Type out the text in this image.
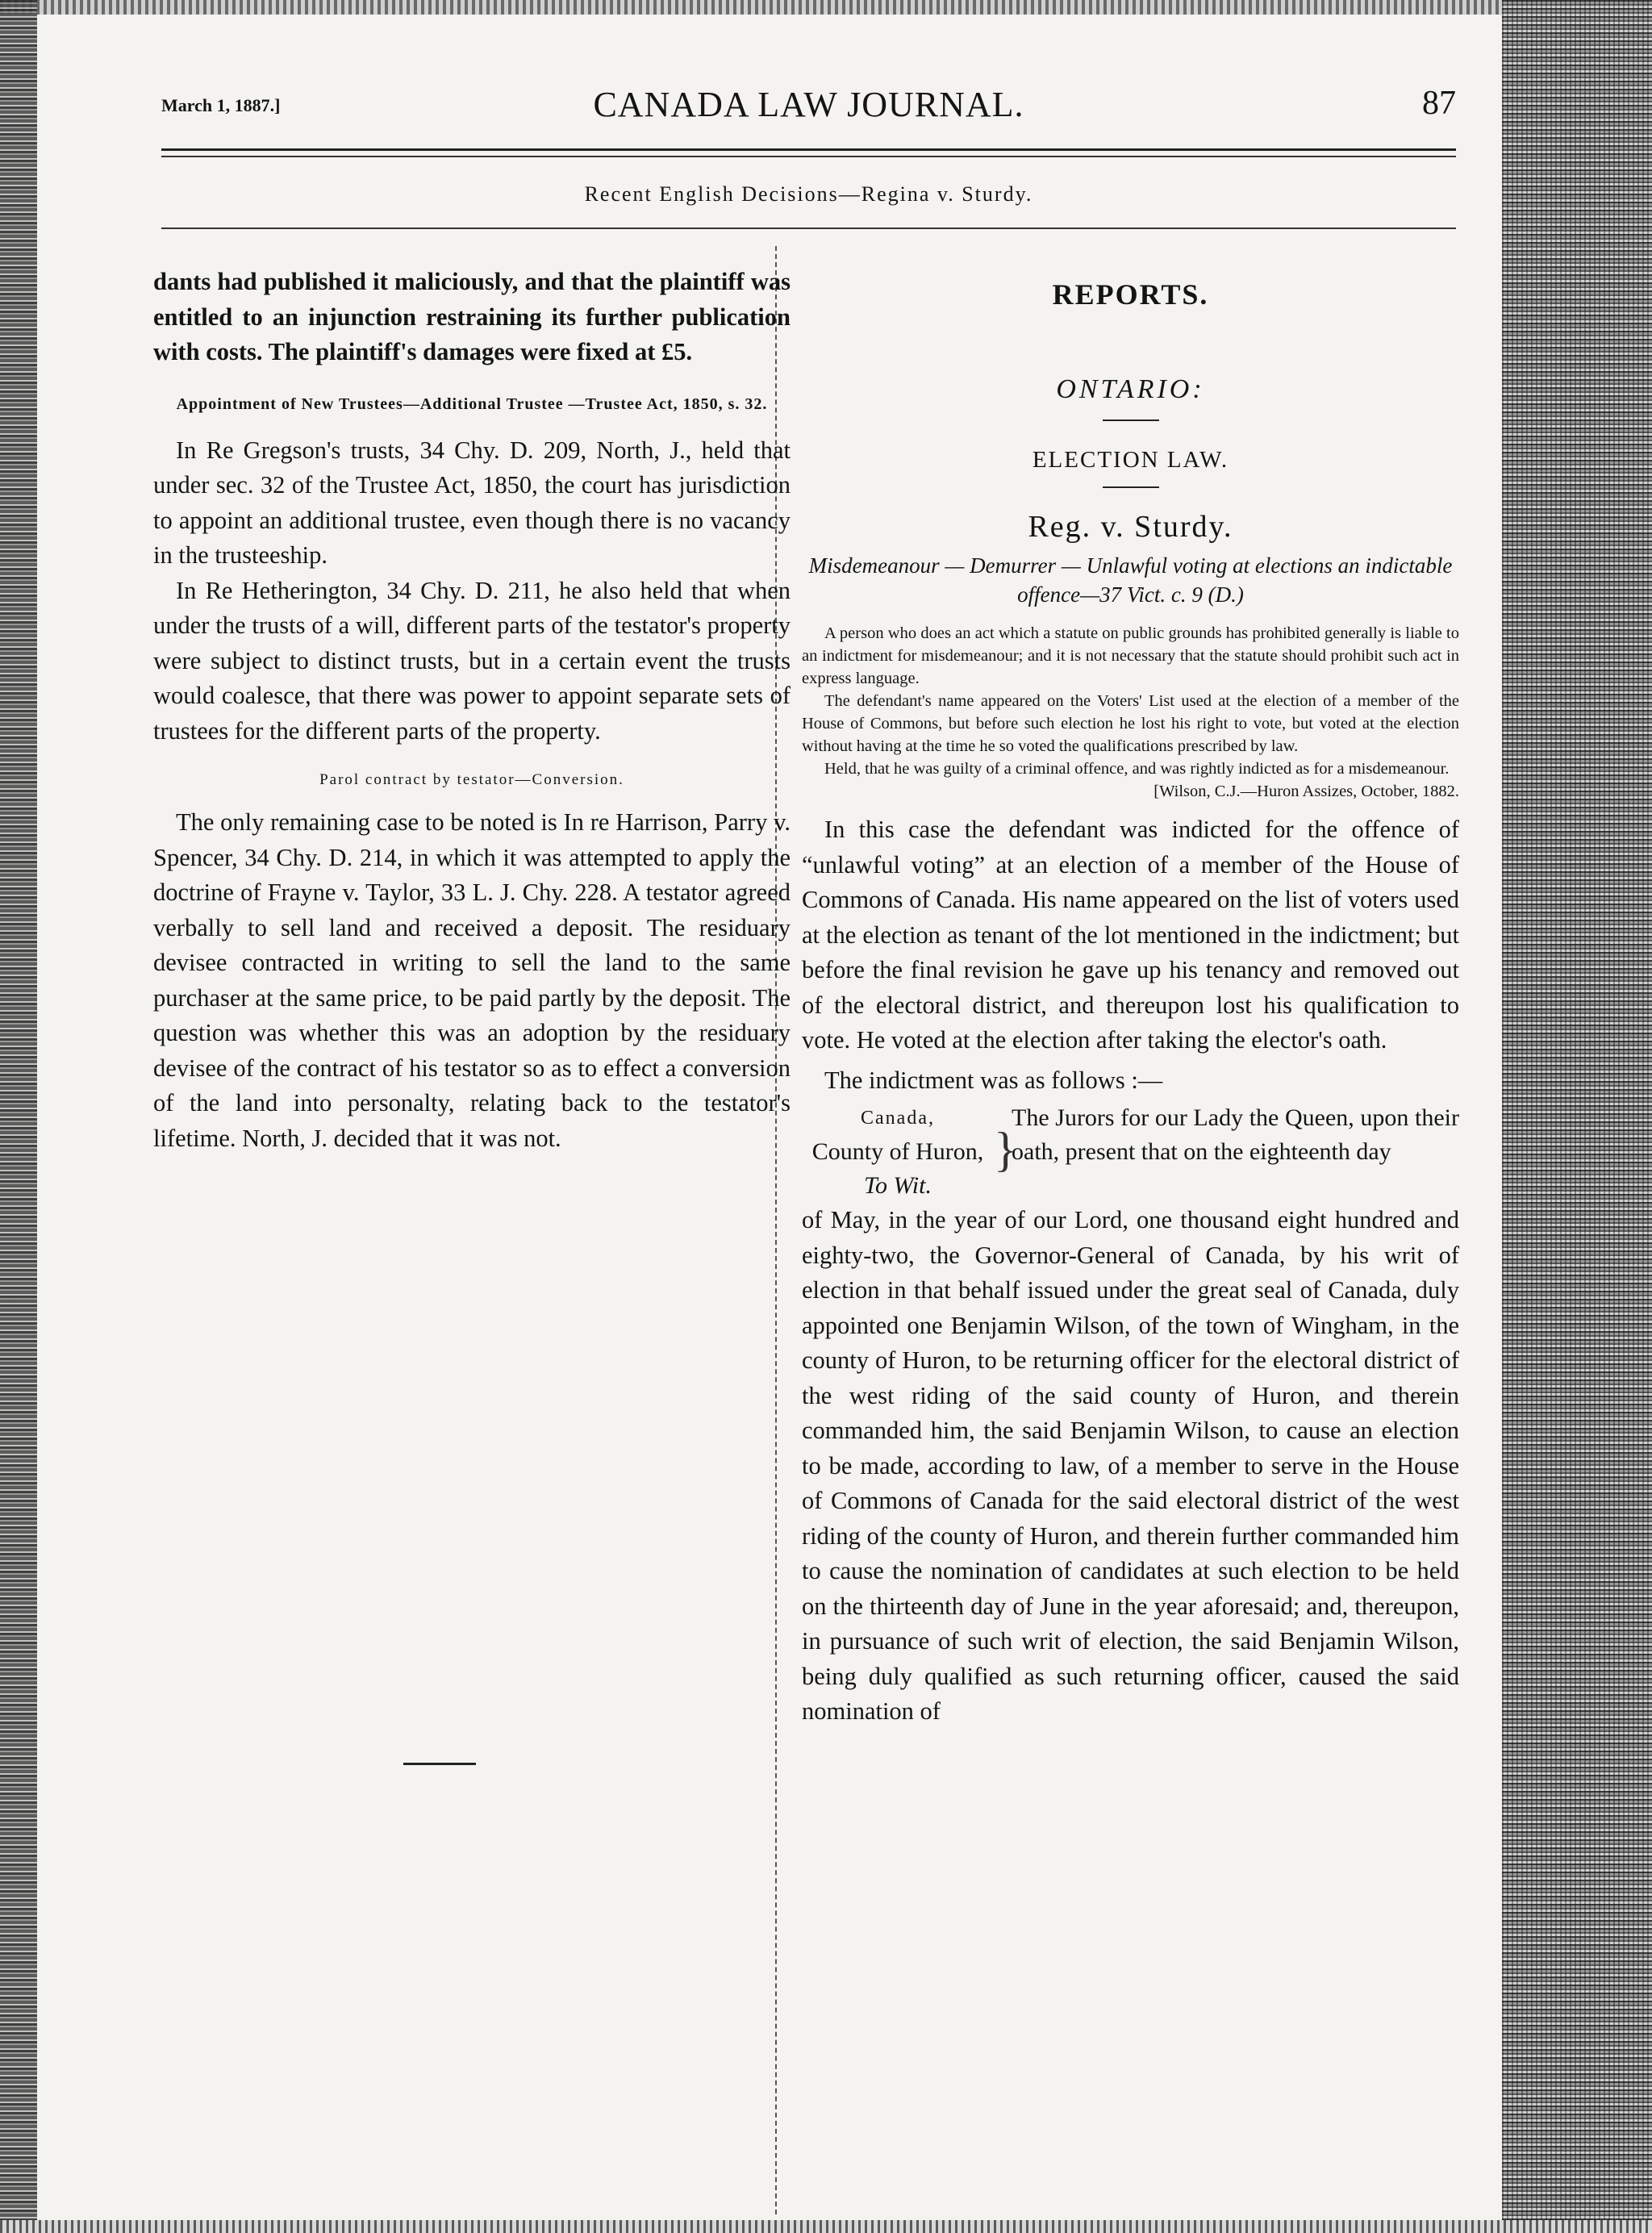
March 1, 1887.]	CANADA LAW JOURNAL.	87
Recent English Decisions—Regina v. Sturdy.

dants had published it maliciously, and that the plaintiff was entitled to an injunction restraining its further publication with costs. The plaintiff's damages were fixed at £5.

Appointment of New Trustees—Additional Trustee —Trustee Act, 1850, s. 32.

In Re Gregson's trusts, 34 Chy. D. 209, North, J., held that under sec. 32 of the Trustee Act, 1850, the court has jurisdiction to appoint an additional trustee, even though there is no vacancy in the trusteeship.

In Re Hetherington, 34 Chy. D. 211, he also held that when under the trusts of a will, different parts of the testator's property were subject to distinct trusts, but in a certain event the trusts would coalesce, that there was power to appoint separate sets of trustees for the different parts of the property.

Parol contract by testator—Conversion.

The only remaining case to be noted is In re Harrison, Parry v. Spencer, 34 Chy. D. 214, in which it was attempted to apply the doctrine of Frayne v. Taylor, 33 L. J. Chy. 228. A testator agreed verbally to sell land and received a deposit. The residuary devisee contracted in writing to sell the land to the same purchaser at the same price, to be paid partly by the deposit. The question was whether this was an adoption by the residuary devisee of the contract of his testator so as to effect a conversion of the land into personalty, relating back to the testator's lifetime. North, J. decided that it was not.

REPORTS.

ONTARIO:

ELECTION LAW.

Reg. v. Sturdy.

Misdemeanour — Demurrer — Unlawful voting at elections an indictable offence—37 Vict. c. 9 (D.)

A person who does an act which a statute on public grounds has prohibited generally is liable to an indictment for misdemeanour; and it is not necessary that the statute should prohibit such act in express language.

The defendant's name appeared on the Voters' List used at the election of a member of the House of Commons, but before such election he lost his right to vote, but voted at the election without having at the time he so voted the qualifications prescribed by law.

Held, that he was guilty of a criminal offence, and was rightly indicted as for a misdemeanour.

[Wilson, C.J.—Huron Assizes, October, 1882.

In this case the defendant was indicted for the offence of “unlawful voting” at an election of a member of the House of Commons of Canada. His name appeared on the list of voters used at the election as tenant of the lot mentioned in the indictment; but before the final revision he gave up his tenancy and removed out of the electoral district, and thereupon lost his qualification to vote. He voted at the election after taking the elector's oath.

The indictment was as follows :—

Canada,
County of Huron,
To Wit.
}
The Jurors for our Lady the Queen, upon their oath, present that on the eighteenth day

of May, in the year of our Lord, one thousand eight hundred and eighty-two, the Governor-General of Canada, by his writ of election in that behalf issued under the great seal of Canada, duly appointed one Benjamin Wilson, of the town of Wingham, in the county of Huron, to be returning officer for the electoral district of the west riding of the said county of Huron, and therein commanded him, the said Benjamin Wilson, to cause an election to be made, according to law, of a member to serve in the House of Commons of Canada for the said electoral district of the west riding of the county of Huron, and therein further commanded him to cause the nomination of candidates at such election to be held on the thirteenth day of June in the year aforesaid; and, thereupon, in pursuance of such writ of election, the said Benjamin Wilson, being duly qualified as such returning officer, caused the said nomination of
